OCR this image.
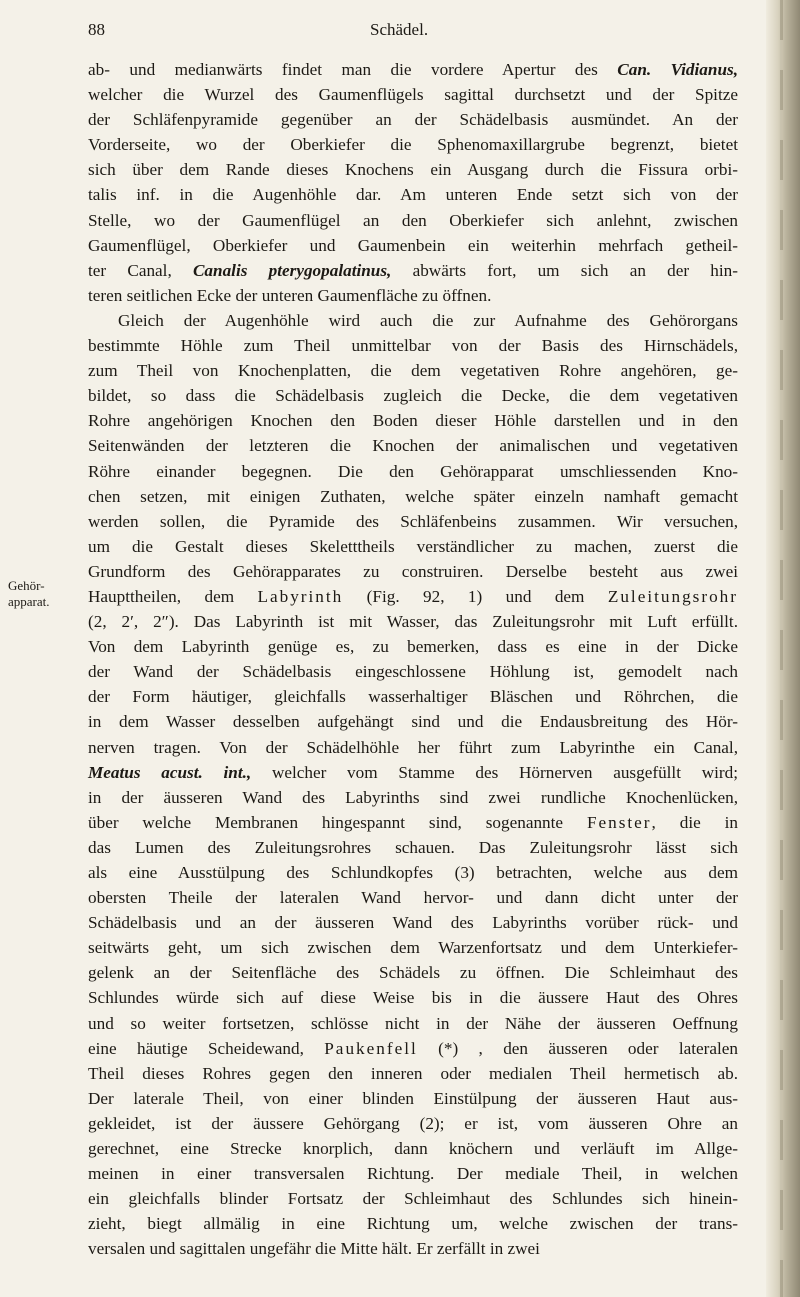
88	Schädel.
Gehör-
apparat.
ab- und medianwärts findet man die vordere Apertur des Can. Vidianus,
welcher die Wurzel des Gaumenflügels sagittal durchsetzt und der Spitze
der Schläfenpyramide gegenüber an der Schädelbasis ausmündet. An der
Vorderseite, wo der Oberkiefer die Sphenomaxillargrube begrenzt, bietet
sich über dem Rande dieses Knochens ein Ausgang durch die Fissura orbi-
talis inf. in die Augenhöhle dar. Am unteren Ende setzt sich von der
Stelle, wo der Gaumenflügel an den Oberkiefer sich anlehnt, zwischen
Gaumenflügel, Oberkiefer und Gaumenbein ein weiterhin mehrfach getheil-
ter Canal, Canalis pterygopalatinus, abwärts fort, um sich an der hin-
teren seitlichen Ecke der unteren Gaumenfläche zu öffnen.
Gleich der Augenhöhle wird auch die zur Aufnahme des Gehörorgans
bestimmte Höhle zum Theil unmittelbar von der Basis des Hirnschädels,
zum Theil von Knochenplatten, die dem vegetativen Rohre angehören, ge-
bildet, so dass die Schädelbasis zugleich die Decke, die dem vegetativen
Rohre angehörigen Knochen den Boden dieser Höhle darstellen und in den
Seitenwänden der letzteren die Knochen der animalischen und vegetativen
Röhre einander begegnen. Die den Gehörapparat umschliessenden Kno-
chen setzen, mit einigen Zuthaten, welche später einzeln namhaft gemacht
werden sollen, die Pyramide des Schläfenbeins zusammen. Wir versuchen,
um die Gestalt dieses Skeletttheils verständlicher zu machen, zuerst die
Grundform des Gehörapparates zu construiren. Derselbe besteht aus zwei
Haupttheilen, dem Labyrinth (Fig. 92, 1) und dem Zuleitungsrohr
(2, 2′, 2″). Das Labyrinth ist mit Wasser, das Zuleitungsrohr mit Luft erfüllt.
Von dem Labyrinth genüge es, zu bemerken, dass es eine in der Dicke
der Wand der Schädelbasis eingeschlossene Höhlung ist, gemodelt nach
der Form häutiger, gleichfalls wasserhaltiger Bläschen und Röhrchen, die
in dem Wasser desselben aufgehängt sind und die Endausbreitung des Hör-
nerven tragen. Von der Schädelhöhle her führt zum Labyrinthe ein Canal,
Meatus acust. int., welcher vom Stamme des Hörnerven ausgefüllt wird;
in der äusseren Wand des Labyrinths sind zwei rundliche Knochenlücken,
über welche Membranen hingespannt sind, sogenannte Fenster, die in
das Lumen des Zuleitungsrohres schauen. Das Zuleitungsrohr lässt sich
als eine Ausstülpung des Schlundkopfes (3) betrachten, welche aus dem
obersten Theile der lateralen Wand hervor- und dann dicht unter der
Schädelbasis und an der äusseren Wand des Labyrinths vorüber rück- und
seitwärts geht, um sich zwischen dem Warzenfortsatz und dem Unterkiefer-
gelenk an der Seitenfläche des Schädels zu öffnen. Die Schleimhaut des
Schlundes würde sich auf diese Weise bis in die äussere Haut des Ohres
und so weiter fortsetzen, schlösse nicht in der Nähe der äusseren Oeffnung
eine häutige Scheidewand, Paukenfell (*) , den äusseren oder lateralen
Theil dieses Rohres gegen den inneren oder medialen Theil hermetisch ab.
Der laterale Theil, von einer blinden Einstülpung der äusseren Haut aus-
gekleidet, ist der äussere Gehörgang (2); er ist, vom äusseren Ohre an
gerechnet, eine Strecke knorplich, dann knöchern und verläuft im Allge-
meinen in einer transversalen Richtung. Der mediale Theil, in welchen
ein gleichfalls blinder Fortsatz der Schleimhaut des Schlundes sich hinein-
zieht, biegt allmälig in eine Richtung um, welche zwischen der trans-
versalen und sagittalen ungefähr die Mitte hält. Er zerfällt in zwei
